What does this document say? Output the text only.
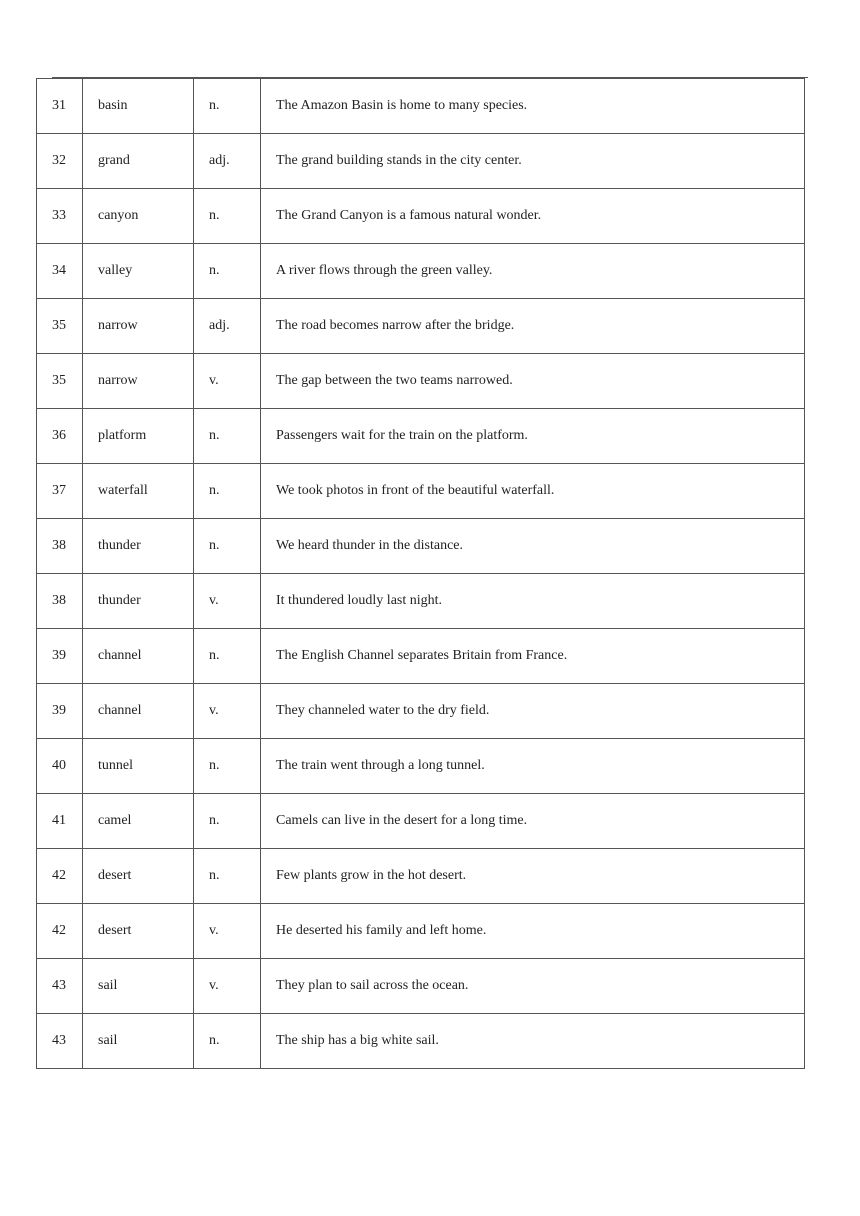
31	basin	n.	The Amazon Basin is home to many species.
32	grand	adj.	The grand building stands in the city center.
33	canyon	n.	The Grand Canyon is a famous natural wonder.
34	valley	n.	A river flows through the green valley.
35	narrow	adj.	The road becomes narrow after the bridge.
35	narrow	v.	The gap between the two teams narrowed.
36	platform	n.	Passengers wait for the train on the platform.
37	waterfall	n.	We took photos in front of the beautiful waterfall.
38	thunder	n.	We heard thunder in the distance.
38	thunder	v.	It thundered loudly last night.
39	channel	n.	The English Channel separates Britain from France.
39	channel	v.	They channeled water to the dry field.
40	tunnel	n.	The train went through a long tunnel.
41	camel	n.	Camels can live in the desert for a long time.
42	desert	n.	Few plants grow in the hot desert.
42	desert	v.	He deserted his family and left home.
43	sail	v.	They plan to sail across the ocean.
43	sail	n.	The ship has a big white sail.
